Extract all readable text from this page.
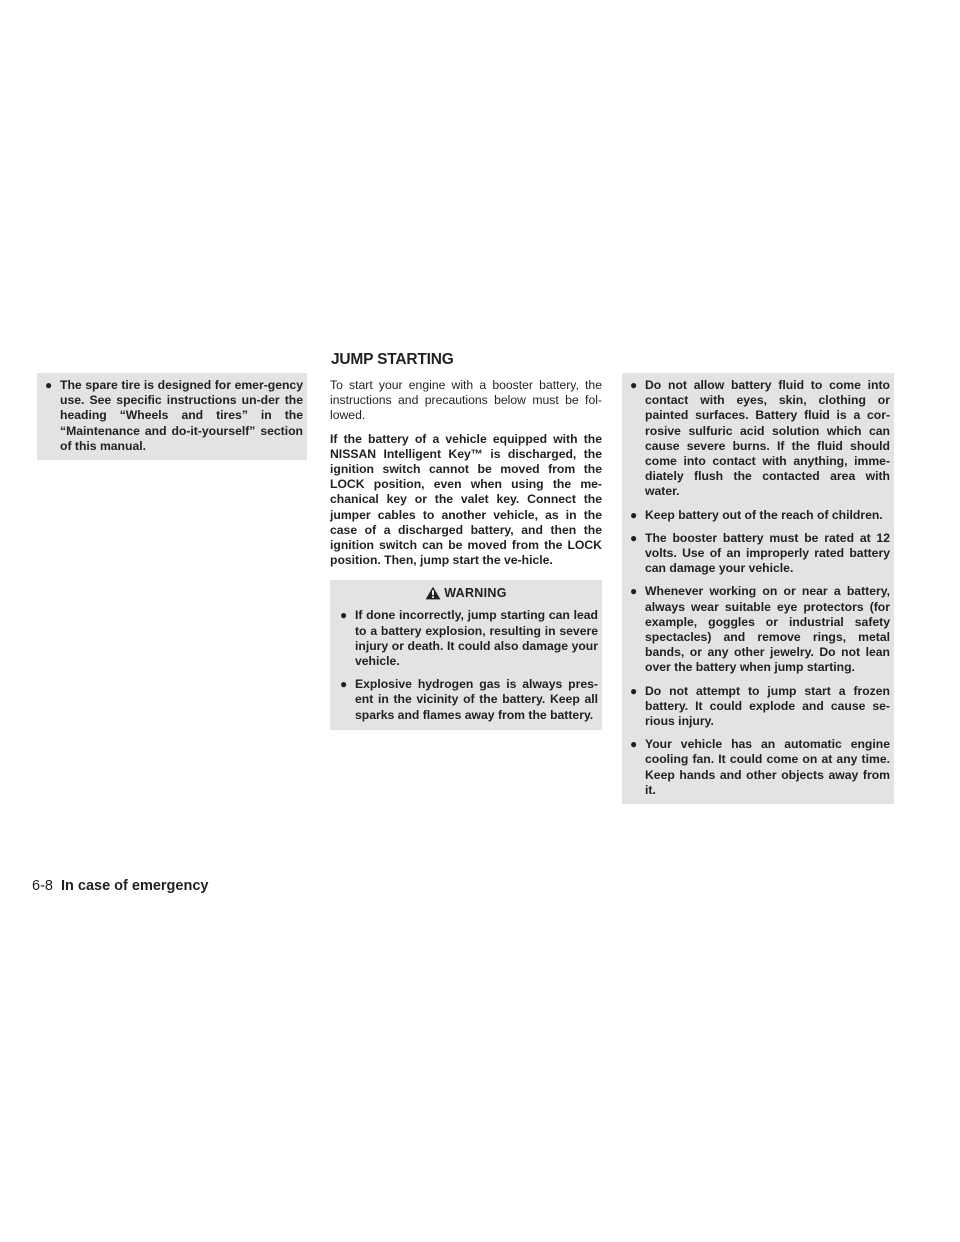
JUMP STARTING
● The spare tire is designed for emer-gency use. See specific instructions un-der the heading “Wheels and tires” in the “Maintenance and do-it-yourself” section of this manual.

To start your engine with a booster battery, the instructions and precautions below must be fol-lowed.

If the battery of a vehicle equipped with the NISSAN Intelligent Key™ is discharged, the ignition switch cannot be moved from the LOCK position, even when using the me-chanical key or the valet key. Connect the jumper cables to another vehicle, as in the case of a discharged battery, and then the ignition switch can be moved from the LOCK position. Then, jump start the ve-hicle.

WARNING
● If done incorrectly, jump starting can lead to a battery explosion, resulting in severe injury or death. It could also damage your vehicle.
● Explosive hydrogen gas is always pres-ent in the vicinity of the battery. Keep all sparks and flames away from the battery.
● Do not allow battery fluid to come into contact with eyes, skin, clothing or painted surfaces. Battery fluid is a cor-rosive sulfuric acid solution which can cause severe burns. If the fluid should come into contact with anything, imme-diately flush the contacted area with water.
● Keep battery out of the reach of children.
● The booster battery must be rated at 12 volts. Use of an improperly rated battery can damage your vehicle.
● Whenever working on or near a battery, always wear suitable eye protectors (for example, goggles or industrial safety spectacles) and remove rings, metal bands, or any other jewelry. Do not lean over the battery when jump starting.
● Do not attempt to jump start a frozen battery. It could explode and cause se-rious injury.
● Your vehicle has an automatic engine cooling fan. It could come on at any time. Keep hands and other objects away from it.

6-8 In case of emergency
